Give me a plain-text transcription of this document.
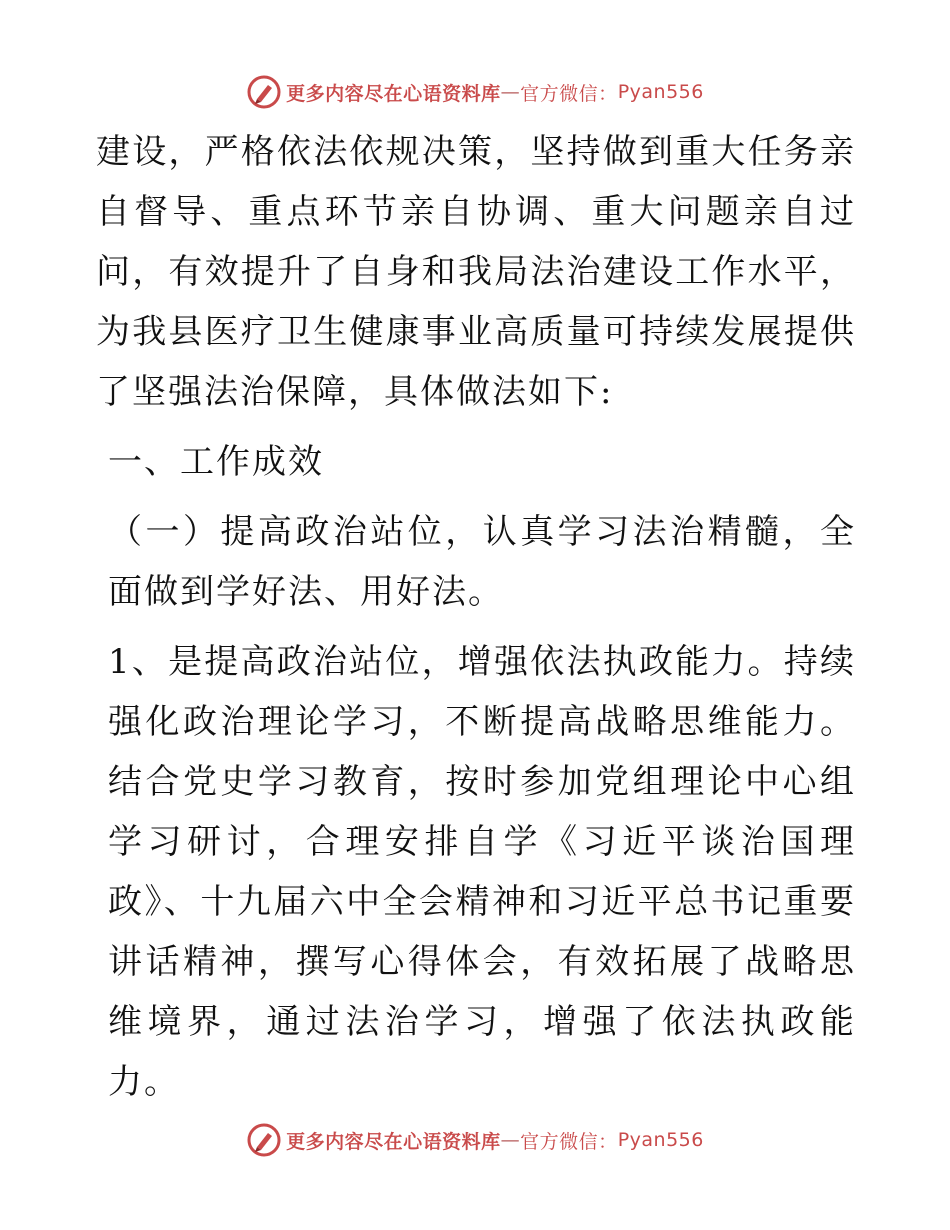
更多内容尽在心语资料库 — 官方微信： Pyan556

建设，严格依法依规决策，坚持做到重大任务亲自督导、重点环节亲自协调、重大问题亲自过问，有效提升了自身和我局法治建设工作水平，为我县医疗卫生健康事业高质量可持续发展提供了坚强法治保障，具体做法如下:

一、工作成效

（一）提高政治站位，认真学习法治精髓，全面做到学好法、用好法。

1、是提高政治站位，增强依法执政能力。持续强化政治理论学习，不断提高战略思维能力。结合党史学习教育，按时参加党组理论中心组学习研讨，合理安排自学《习近平谈治国理政》、十九届六中全会精神和习近平总书记重要讲话精神，撰写心得体会，有效拓展了战略思维境界，通过法治学习，增强了依法执政能力。

更多内容尽在心语资料库 — 官方微信： Pyan556
